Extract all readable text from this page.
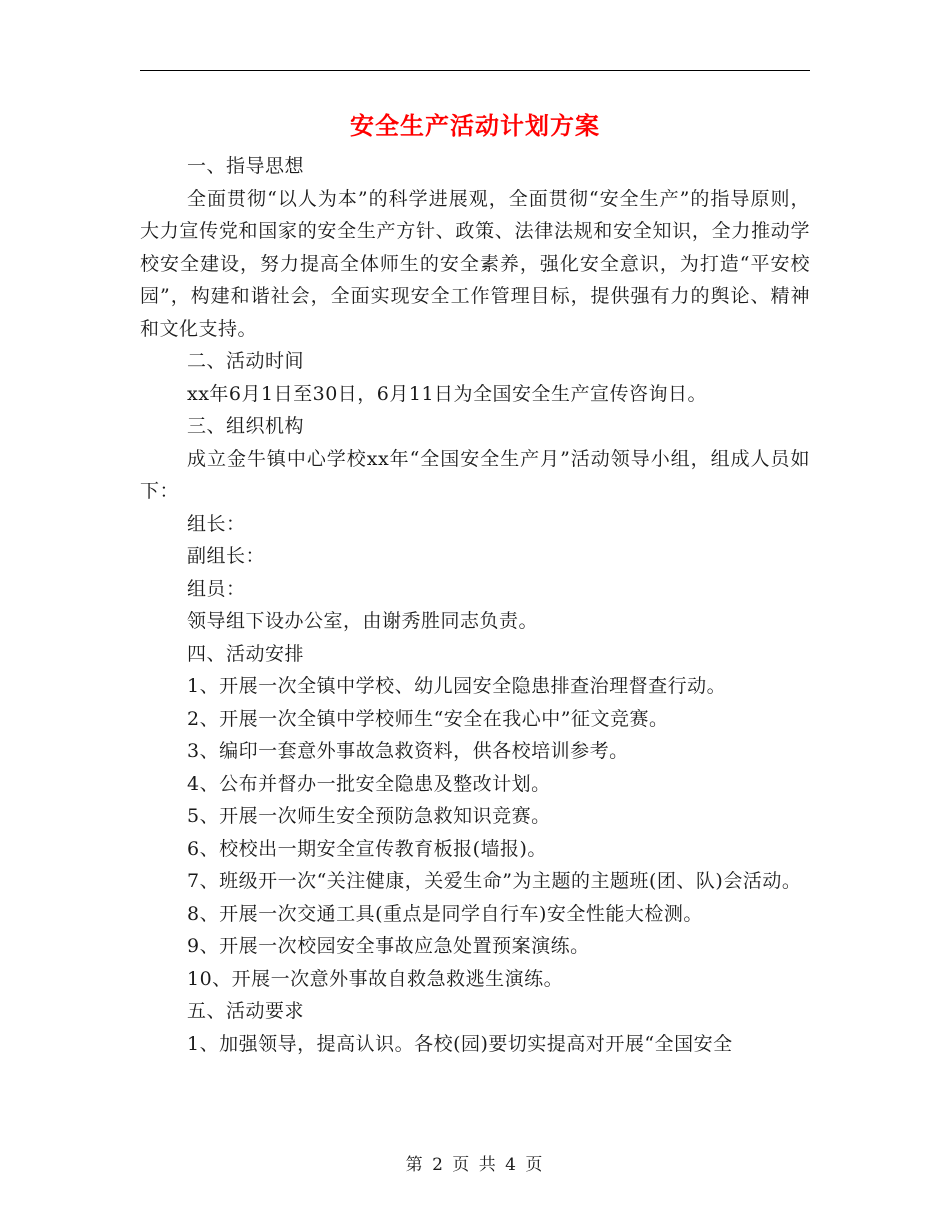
安全生产活动计划方案

一、指导思想

全面贯彻“以人为本”的科学进展观，全面贯彻“安全生产”的指导原则，大力宣传党和国家的安全生产方针、政策、法律法规和安全知识，全力推动学校安全建设，努力提高全体师生的安全素养，强化安全意识，为打造“平安校园”，构建和谐社会，全面实现安全工作管理目标，提供强有力的舆论、精神和文化支持。

二、活动时间

xx年6月1日至30日，6月11日为全国安全生产宣传咨询日。

三、组织机构

成立金牛镇中心学校xx年“全国安全生产月”活动领导小组，组成人员如下：

组长：

副组长：

组员：

领导组下设办公室，由谢秀胜同志负责。

四、活动安排

1、开展一次全镇中学校、幼儿园安全隐患排查治理督查行动。

2、开展一次全镇中学校师生“安全在我心中”征文竞赛。

3、编印一套意外事故急救资料，供各校培训参考。

4、公布并督办一批安全隐患及整改计划。

5、开展一次师生安全预防急救知识竞赛。

6、校校出一期安全宣传教育板报(墙报)。

7、班级开一次“关注健康，关爱生命”为主题的主题班(团、队)会活动。

8、开展一次交通工具(重点是同学自行车)安全性能大检测。

9、开展一次校园安全事故应急处置预案演练。

10、开展一次意外事故自救急救逃生演练。

五、活动要求

1、加强领导，提高认识。各校(园)要切实提高对开展“全国安全

第 2 页 共 4 页
